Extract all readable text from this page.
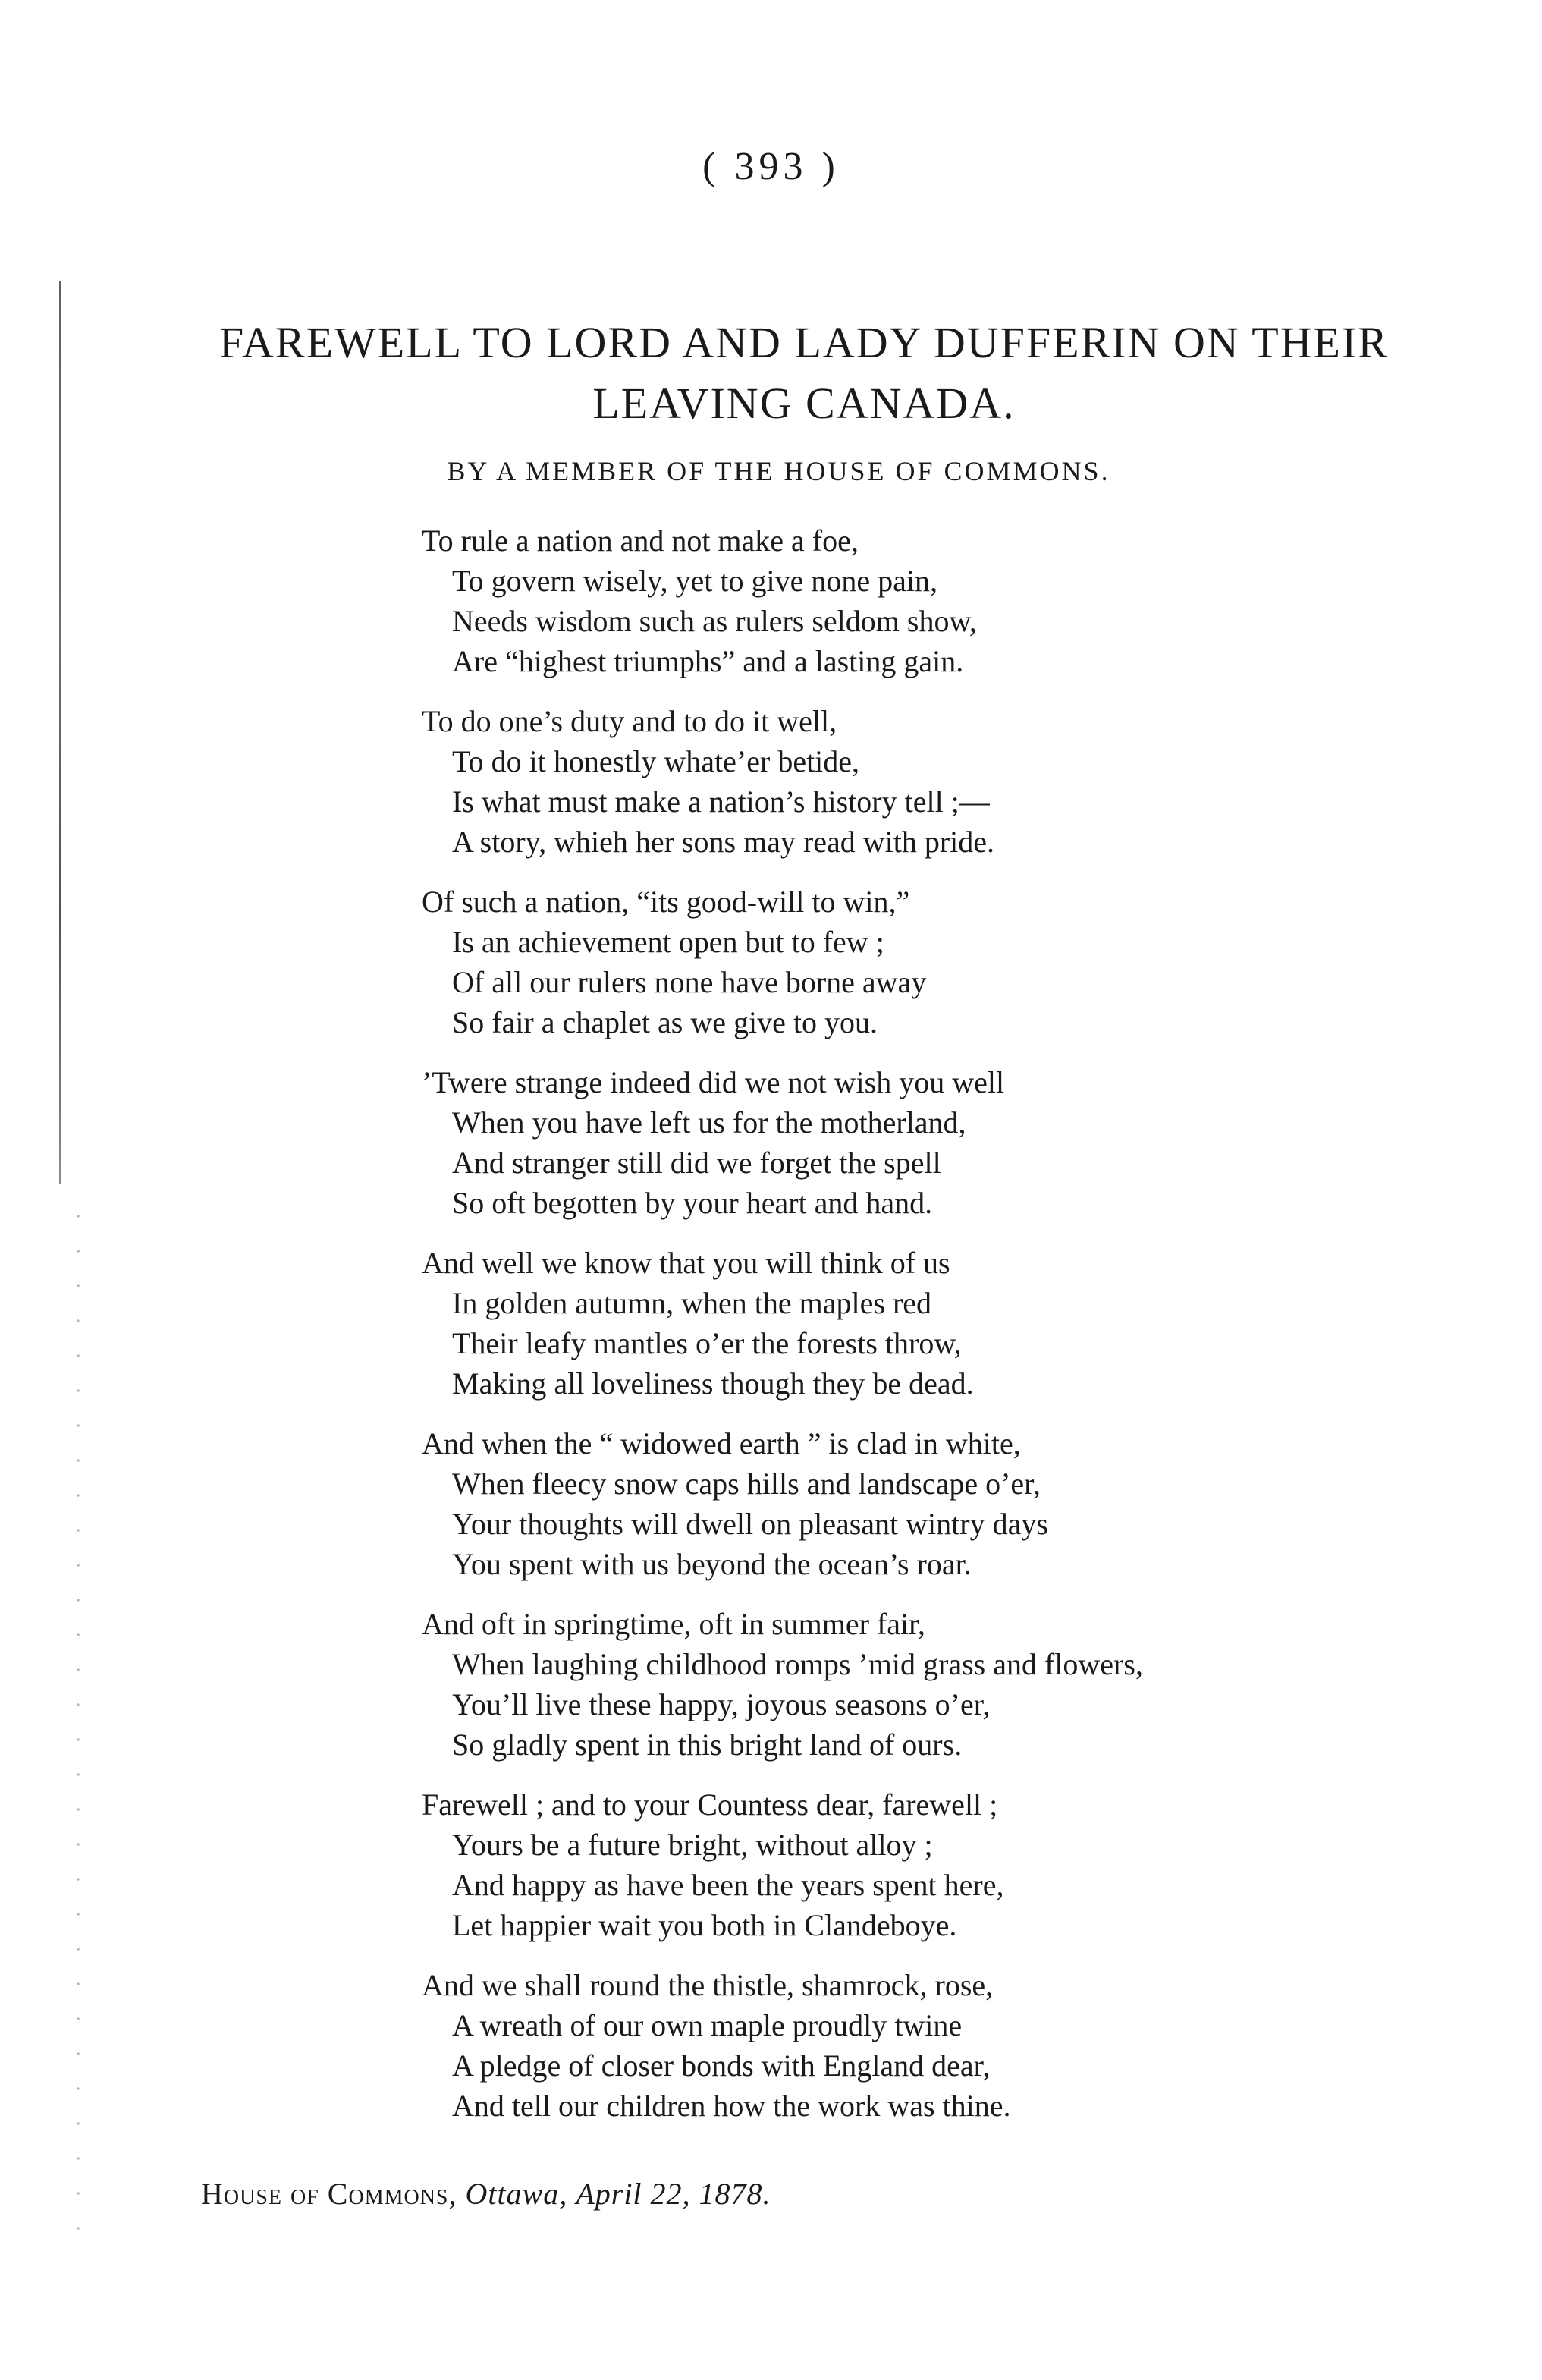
( 393 )
FAREWELL TO LORD AND LADY DUFFERIN ON THEIR LEAVING CANADA.
BY A MEMBER OF THE HOUSE OF COMMONS.
To rule a nation and not make a foe,
To govern wisely, yet to give none pain,
Needs wisdom such as rulers seldom show,
Are “highest triumphs” and a lasting gain.
To do one’s duty and to do it well,
To do it honestly whate’er betide,
Is what must make a nation’s history tell ;—
A story, whieh her sons may read with pride.
Of such a nation, “its good-will to win,”
Is an achievement open but to few ;
Of all our rulers none have borne away
So fair a chaplet as we give to you.
’Twere strange indeed did we not wish you well
When you have left us for the motherland,
And stranger still did we forget the spell
So oft begotten by your heart and hand.
And well we know that you will think of us
In golden autumn, when the maples red
Their leafy mantles o’er the forests throw,
Making all loveliness though they be dead.
And when the “ widowed earth ” is clad in white,
When fleecy snow caps hills and landscape o’er,
Your thoughts will dwell on pleasant wintry days
You spent with us beyond the ocean’s roar.
And oft in springtime, oft in summer fair,
When laughing childhood romps ’mid grass and flowers,
You’ll live these happy, joyous seasons o’er,
So gladly spent in this bright land of ours.
Farewell ; and to your Countess dear, farewell ;
Yours be a future bright, without alloy ;
And happy as have been the years spent here,
Let happier wait you both in Clandeboye.
And we shall round the thistle, shamrock, rose,
A wreath of our own maple proudly twine
A pledge of closer bonds with England dear,
And tell our children how the work was thine.
House of Commons, Ottawa, April 22, 1878.
